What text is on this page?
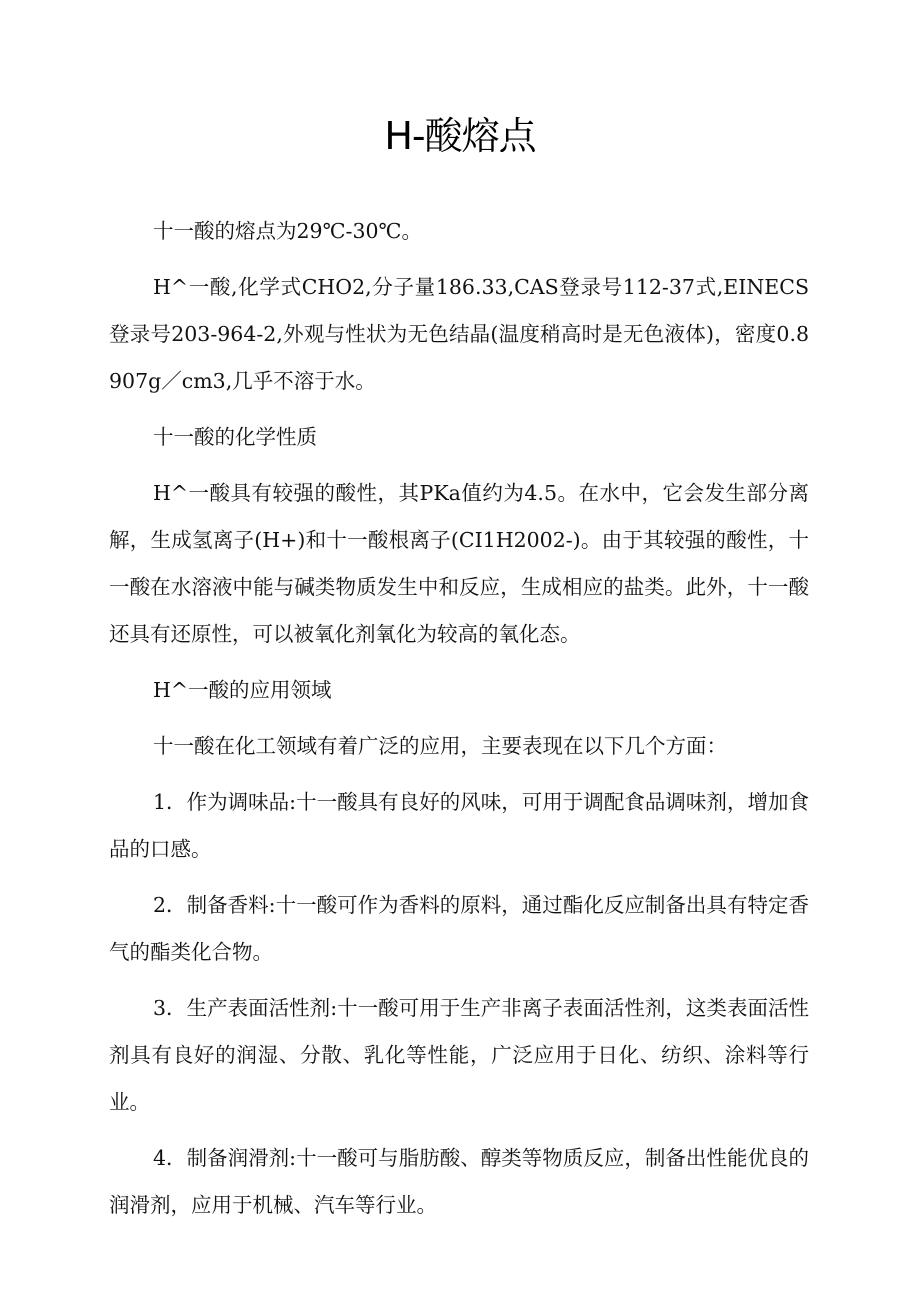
H-酸熔点

十一酸的熔点为29℃-30℃。

H^一酸,化学式CHO2,分子量186.33,CAS登录号112-37式,EINECS登录号203-964-2,外观与性状为无色结晶(温度稍高时是无色液体)，密度0.8907g／cm3,几乎不溶于水。

十一酸的化学性质

H^一酸具有较强的酸性，其PKa值约为4.5。在水中，它会发生部分离解，生成氢离子(H+)和十一酸根离子(CI1H2002-)。由于其较强的酸性，十一酸在水溶液中能与碱类物质发生中和反应，生成相应的盐类。此外，十一酸还具有还原性，可以被氧化剂氧化为较高的氧化态。

H^一酸的应用领域

十一酸在化工领域有着广泛的应用，主要表现在以下几个方面：

1．作为调味品:十一酸具有良好的风味，可用于调配食品调味剂，增加食品的口感。

2．制备香料:十一酸可作为香料的原料，通过酯化反应制备出具有特定香气的酯类化合物。

3．生产表面活性剂:十一酸可用于生产非离子表面活性剂，这类表面活性剂具有良好的润湿、分散、乳化等性能，广泛应用于日化、纺织、涂料等行业。

4．制备润滑剂:十一酸可与脂肪酸、醇类等物质反应，制备出性能优良的润滑剂，应用于机械、汽车等行业。
